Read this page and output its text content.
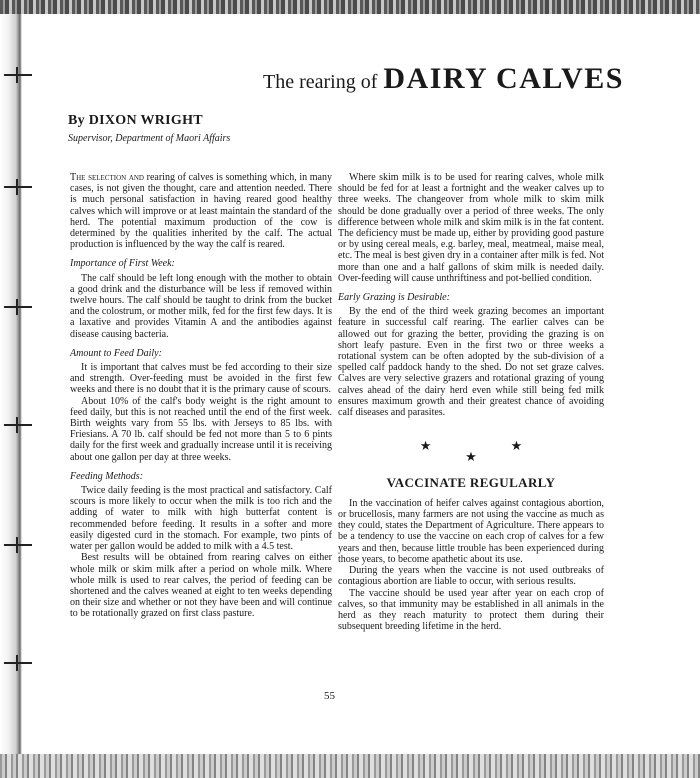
The rearing of DAIRY CALVES
By DIXON WRIGHT
Supervisor, Department of Maori Affairs

The selection and rearing of calves is something which, in many cases, is not given the thought, care and attention needed. There is much personal satisfaction in having reared good healthy calves which will improve or at least maintain the standard of the herd. The potential maximum production of the cow is determined by the qualities inherited by the calf. The actual production is influenced by the way the calf is reared.

Importance of First Week:

The calf should be left long enough with the mother to obtain a good drink and the disturbance will be less if removed within twelve hours. The calf should be taught to drink from the bucket and the colostrum, or mother milk, fed for the first few days. It is a laxative and provides Vitamin A and the antibodies against disease causing bacteria.

Amount to Feed Daily:

It is important that calves must be fed according to their size and strength. Over-feeding must be avoided in the first few weeks and there is no doubt that it is the primary cause of scours.

About 10% of the calf's body weight is the right amount to feed daily, but this is not reached until the end of the first week. Birth weights vary from 55 lbs. with Jerseys to 85 lbs. with Friesians. A 70 lb. calf should be fed not more than 5 to 6 pints daily for the first week and gradually increase until it is receiving about one gallon per day at three weeks.

Feeding Methods:

Twice daily feeding is the most practical and satisfactory. Calf scours is more likely to occur when the milk is too rich and the adding of water to milk with high butterfat content is recommended before feeding. It results in a softer and more easily digested curd in the stomach. For example, two pints of water per gallon would be added to milk with a 4.5 test.

Best results will be obtained from rearing calves on either whole milk or skim milk after a period on whole milk. Where whole milk is used to rear calves, the period of feeding can be shortened and the calves weaned at eight to ten weeks depending on their size and whether or not they have been and will continue to be rotationally grazed on first class pasture.

Where skim milk is to be used for rearing calves, whole milk should be fed for at least a fortnight and the weaker calves up to three weeks. The changeover from whole milk to skim milk should be done gradually over a period of three weeks. The only difference between whole milk and skim milk is in the fat content. The deficiency must be made up, either by providing good pasture or by using cereal meals, e.g. barley, meal, meatmeal, maise meal, etc. The meal is best given dry in a container after milk is fed. Not more than one and a half gallons of skim milk is needed daily. Over-feeding will cause unthriftiness and pot-bellied condition.

Early Grazing is Desirable:

By the end of the third week grazing becomes an important feature in successful calf rearing. The earlier calves can be allowed out for grazing the better, providing the grazing is on short leafy pasture. Even in the first two or three weeks a rotational system can be often adopted by the sub-division of a spelled calf paddock handy to the shed. Do not set graze calves. Calves are very selective grazers and rotational grazing of young calves ahead of the dairy herd even while still being fed milk ensures maximum growth and their greatest chance of avoiding calf diseases and parasites.

★ ★ ★
VACCINATE REGULARLY

In the vaccination of heifer calves against contagious abortion, or brucellosis, many farmers are not using the vaccine as much as they could, states the Department of Agriculture. There appears to be a tendency to use the vaccine on each crop of calves for a few years and then, because little trouble has been experienced during those years, to become apathetic about its use.

During the years when the vaccine is not used outbreaks of contagious abortion are liable to occur, with serious results.

The vaccine should be used year after year on each crop of calves, so that immunity may be established in all animals in the herd as they reach maturity to protect them during their subsequent breeding lifetime in the herd.

55
